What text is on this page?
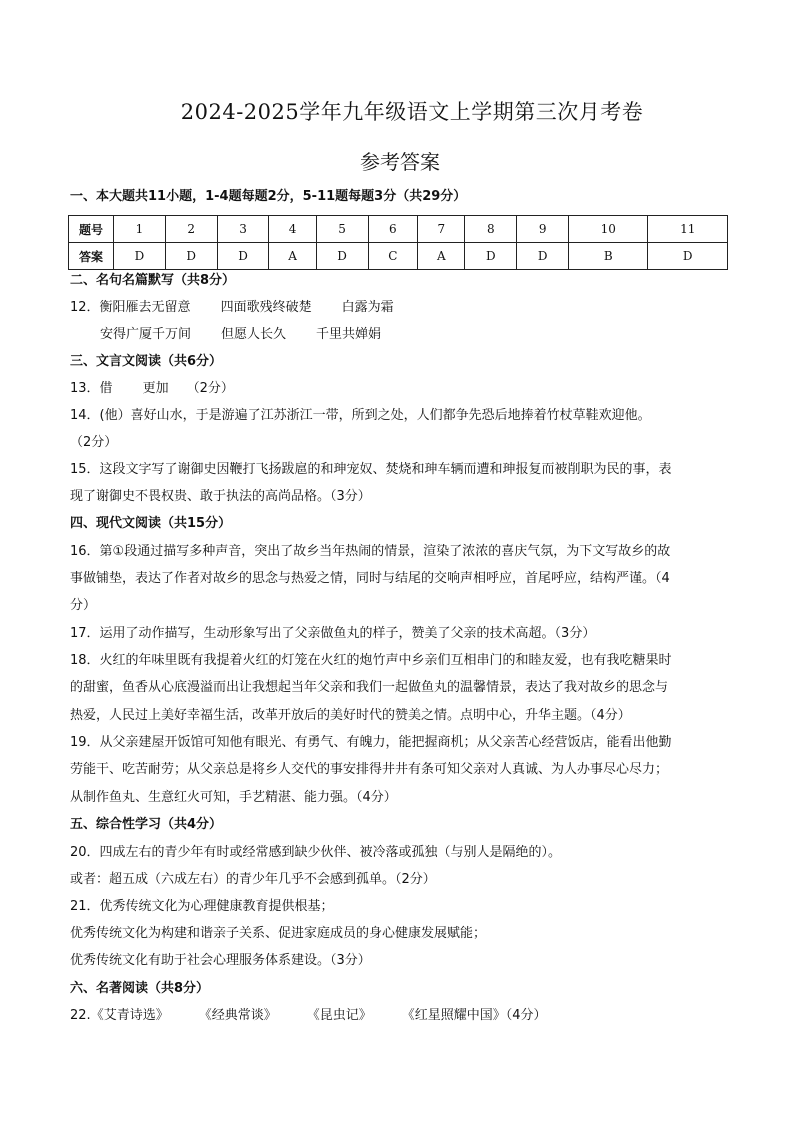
2024-2025学年九年级语文上学期第三次月考卷
参考答案
一、本大题共11小题，1-4题每题2分，5-11题每题3分（共29分）
题号	1	2	3	4	5	6	7	8	9	10	11
答案	D	D	D	A	D	C	A	D	D	B	D
二、名句名篇默写（共8分）
12．衡阳雁去无留意 四面歌残终破楚 白露为霜
安得广厦千万间 但愿人长久 千里共婵娟
三、文言文阅读（共6分）
13．借 更加 （2分）
14．(他）喜好山水，于是游遍了江苏浙江一带，所到之处，人们都争先恐后地捧着竹杖草鞋欢迎他。
（2分）
15．这段文字写了谢御史因鞭打飞扬跋扈的和珅宠奴、焚烧和珅车辆而遭和珅报复而被削职为民的事，表
现了谢御史不畏权贵、敢于执法的高尚品格。（3分）
四、现代文阅读（共15分）
16．第①段通过描写多种声音，突出了故乡当年热闹的情景，渲染了浓浓的喜庆气氛，为下文写故乡的故
事做铺垫，表达了作者对故乡的思念与热爱之情，同时与结尾的交响声相呼应，首尾呼应，结构严谨。（4
分）
17．运用了动作描写，生动形象写出了父亲做鱼丸的样子，赞美了父亲的技术高超。（3分）
18．火红的年味里既有我提着火红的灯笼在火红的炮竹声中乡亲们互相串门的和睦友爱，也有我吃糖果时
的甜蜜，鱼香从心底漫溢而出让我想起当年父亲和我们一起做鱼丸的温馨情景，表达了我对故乡的思念与
热爱，人民过上美好幸福生活，改革开放后的美好时代的赞美之情。点明中心，升华主题。（4分）
19．从父亲建屋开饭馆可知他有眼光、有勇气、有魄力，能把握商机；从父亲苦心经营饭店，能看出他勤
劳能干、吃苦耐劳；从父亲总是将乡人交代的事安排得井井有条可知父亲对人真诚、为人办事尽心尽力；
从制作鱼丸、生意红火可知，手艺精湛、能力强。（4分）
五、综合性学习（共4分）
20．四成左右的青少年有时或经常感到缺少伙伴、被冷落或孤独（与别人是隔绝的）。
或者：超五成（六成左右）的青少年几乎不会感到孤单。（2分）
21．优秀传统文化为心理健康教育提供根基；
优秀传统文化为构建和谐亲子关系、促进家庭成员的身心健康发展赋能；
优秀传统文化有助于社会心理服务体系建设。（3分）
六、名著阅读（共8分）
22.《艾青诗选》 《经典常谈》 《昆虫记》 《红星照耀中国》（4分）
